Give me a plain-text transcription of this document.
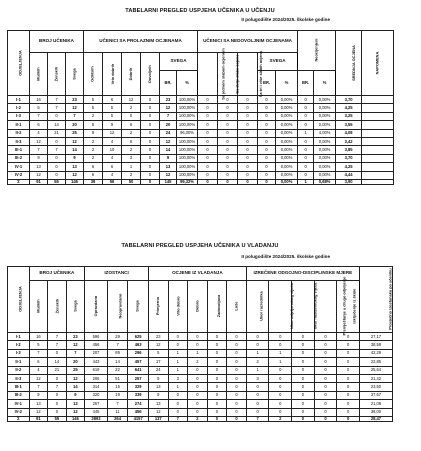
TABELARNI PREGLED USPJEHA UČENIKA U UČENJU
II polugodište 2024/2025. školske godine
ODJELJENJA	BROJ UČENIKA			UČENICI SA PROLAZNIM OCJENAMA						UČENICI SA NEDOVOLJNIM OCJENAMA					Neocijenjeni		SREDNJA OCJENA	NAPOMENA
	Muških	Ženskih	Svega	Odličnih	Vrlo dobrih	Dobrih	Dovoljnih	SVEGA		Sa jednom slabom ocjenom	Sa dvije slabe ocjene	Sa tri i više slabih ocjena	SVEGA					
								BR.	%				BR.	%	BR.	%		
I-1	16	7	23	5	6	12	0	23	100,00%	0	0	0	0	0,00%	0	0,00%	3,70	
I-2	5	7	12	5	5	2	0	12	100,00%	0	0	0	0	0,00%	0	0,00%	4,25	
I-3	7	0	7	2	5	0	0	7	100,00%	0	0	0	0	0,00%	0	0,00%	3,25	
II-1	6	14	20	5	9	6	0	20	100,00%	0	0	0	0	0,00%	0	0,00%	3,55	
II-2	4	21	25	9	12	2	0	24	96,00%	0	0	0	0	0,00%	1	4,00%	4,08	
II-3	12	0	12	2	4	6	0	12	100,00%	0	0	0	0	0,00%	0	0,00%	3,42	
III-1	7	7	14	2	10	2	0	14	100,00%	0	0	0	0	0,00%	0	0,00%	3,85	
III-2	9	0	9	2	4	3	0	9	100,00%	0	0	0	0	0,00%	0	0,00%	3,70	
IV-1	13	0	13	6	6	1	0	13	100,00%	0	0	0	0	0,00%	0	0,00%	4,25	
IV-2	12	0	12	6	4	2	0	12	100,00%	0	0	0	0	0,00%	0	0,00%	4,44	
Σ	91	55	146	39	56	50	0	145	99,32%	0	0	0	0	0,00%	1	0,68%	3,90	
TABELARNI PREGLED USPJEHA UČENIKA U VLADANJU
II polugodište 2024/2025. školske godine
ODJELJENJA	BROJ UČENIKA			IZOSTANCI			OCJENE IZ VLADANJA					IZREČENE ODGOJNO-DISCIPLINSKE MJERE					Prosječno izostanaka po učeniku
	Muških	Ženskih	Svega	Opravdano	Neopravdano	Svega	Primjerno	Vrlo dobro	Dobro	Zadovoljava	Loše	Ukor razrednika	Ukor odjeljenskog vijeća	Ukor nastavničkog vijeća	Premještanje u drugo odjeljenje	Isključenje iz škole	
I-1	16	7	23	596	29	625	23	0	0	0	0	0	0	0	0	0	27,17
I-2	5	7	12	456	7	463	12	0	0	0	0	0	0	0	0	0	38,58
I-3	7	0	7	207	89	296	5	1	1	0	0	1	1	0	0	0	42,29
II-1	6	14	20	443	14	457	17	1	2	0	0	2	1	0	0	0	22,85
II-2	4	21	25	619	22	641	24	1	0	0	0	1	0	0	0	0	25,64
II-3	12	0	12	206	51	257	9	3	0	0	0	3	0	0	0	0	21,42
III-1	7	7	14	314	15	329	13	1	0	0	0	0	0	0	0	0	23,50
III-2	9	0	9	320	19	339	9	0	0	0	0	0	0	0	0	0	37,67
IV-1	13	0	13	267	7	274	13	0	0	0	0	0	0	0	0	0	21,08
IV-2	12	0	12	445	11	456	12	0	0	0	0	0	0	0	0	0	38,00
Σ	91	55	146	3893	264	4157	137	7	2	0	0	7	2	0	0	0	28,47
